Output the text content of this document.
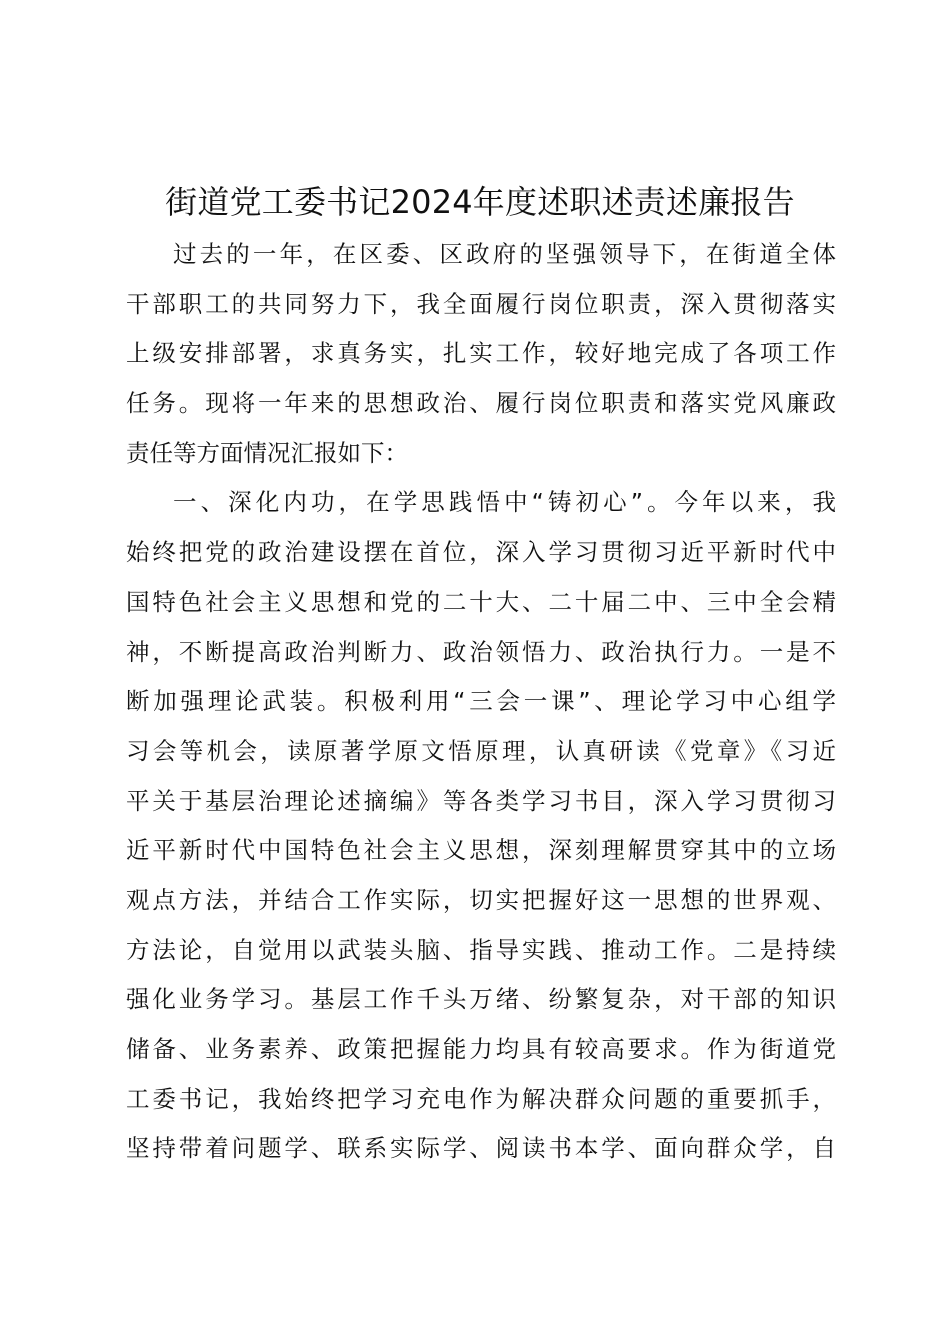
街道党工委书记2024年度述职述责述廉报告
过去的一年，在区委、区政府的坚强领导下，在街道全体
干部职工的共同努力下，我全面履行岗位职责，深入贯彻落实
上级安排部署，求真务实，扎实工作，较好地完成了各项工作
任务。现将一年来的思想政治、履行岗位职责和落实党风廉政
责任等方面情况汇报如下：
一、深化内功，在学思践悟中“铸初心”。今年以来，我
始终把党的政治建设摆在首位，深入学习贯彻习近平新时代中
国特色社会主义思想和党的二十大、二十届二中、三中全会精
神，不断提高政治判断力、政治领悟力、政治执行力。一是不
断加强理论武装。积极利用“三会一课”、理论学习中心组学
习会等机会，读原著学原文悟原理，认真研读《党章》《习近
平关于基层治理论述摘编》等各类学习书目，深入学习贯彻习
近平新时代中国特色社会主义思想，深刻理解贯穿其中的立场
观点方法，并结合工作实际，切实把握好这一思想的世界观、
方法论，自觉用以武装头脑、指导实践、推动工作。二是持续
强化业务学习。基层工作千头万绪、纷繁复杂，对干部的知识
储备、业务素养、政策把握能力均具有较高要求。作为街道党
工委书记，我始终把学习充电作为解决群众问题的重要抓手，
坚持带着问题学、联系实际学、阅读书本学、面向群众学，自
